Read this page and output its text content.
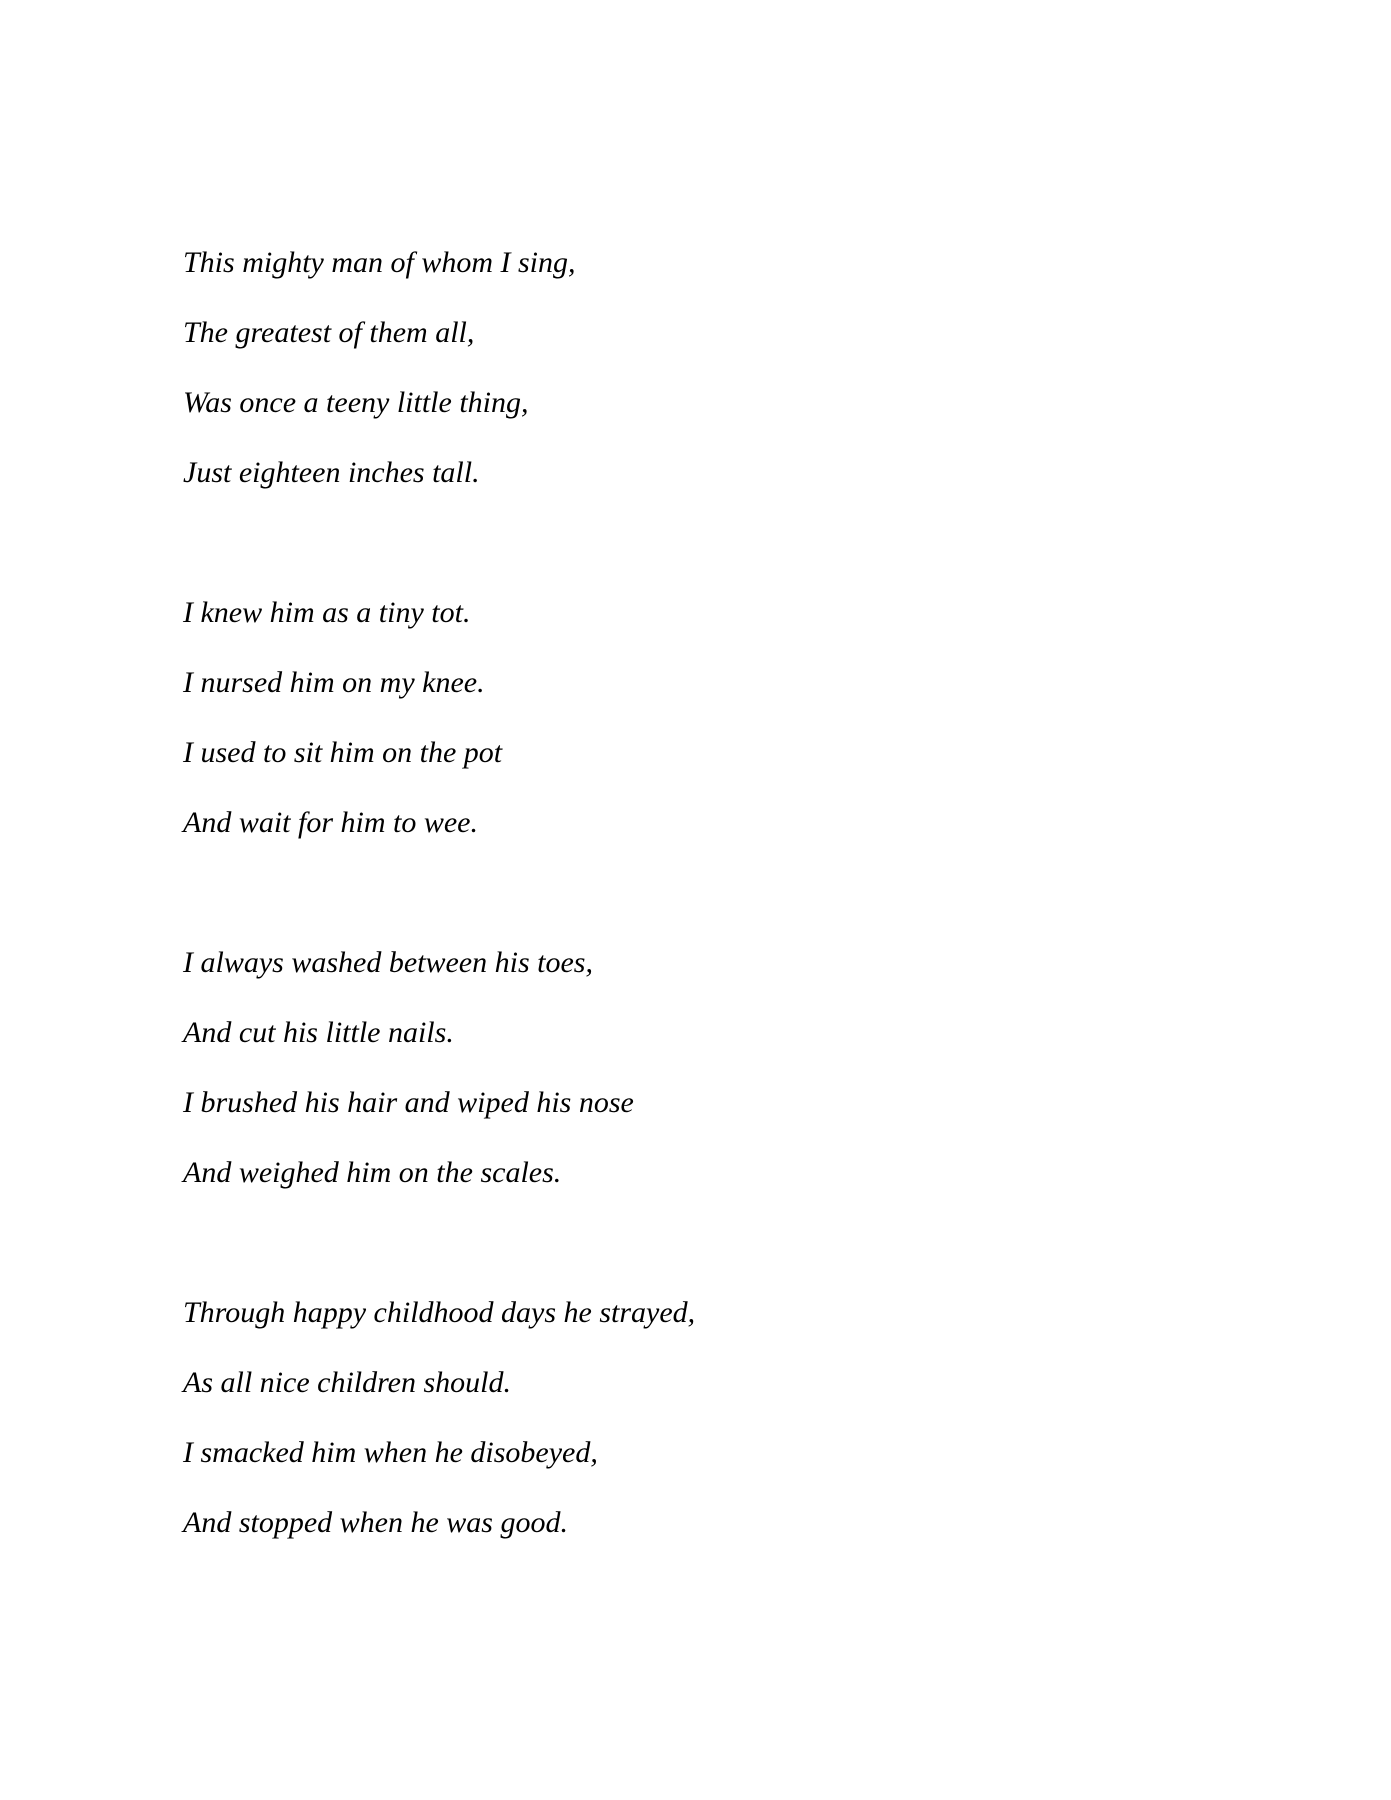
This mighty man of whom I sing,

The greatest of them all,

Was once a teeny little thing,

Just eighteen inches tall.

I knew him as a tiny tot.

I nursed him on my knee.

I used to sit him on the pot

And wait for him to wee.

I always washed between his toes,

And cut his little nails.

I brushed his hair and wiped his nose

And weighed him on the scales.

Through happy childhood days he strayed,

As all nice children should.

I smacked him when he disobeyed,

And stopped when he was good.
